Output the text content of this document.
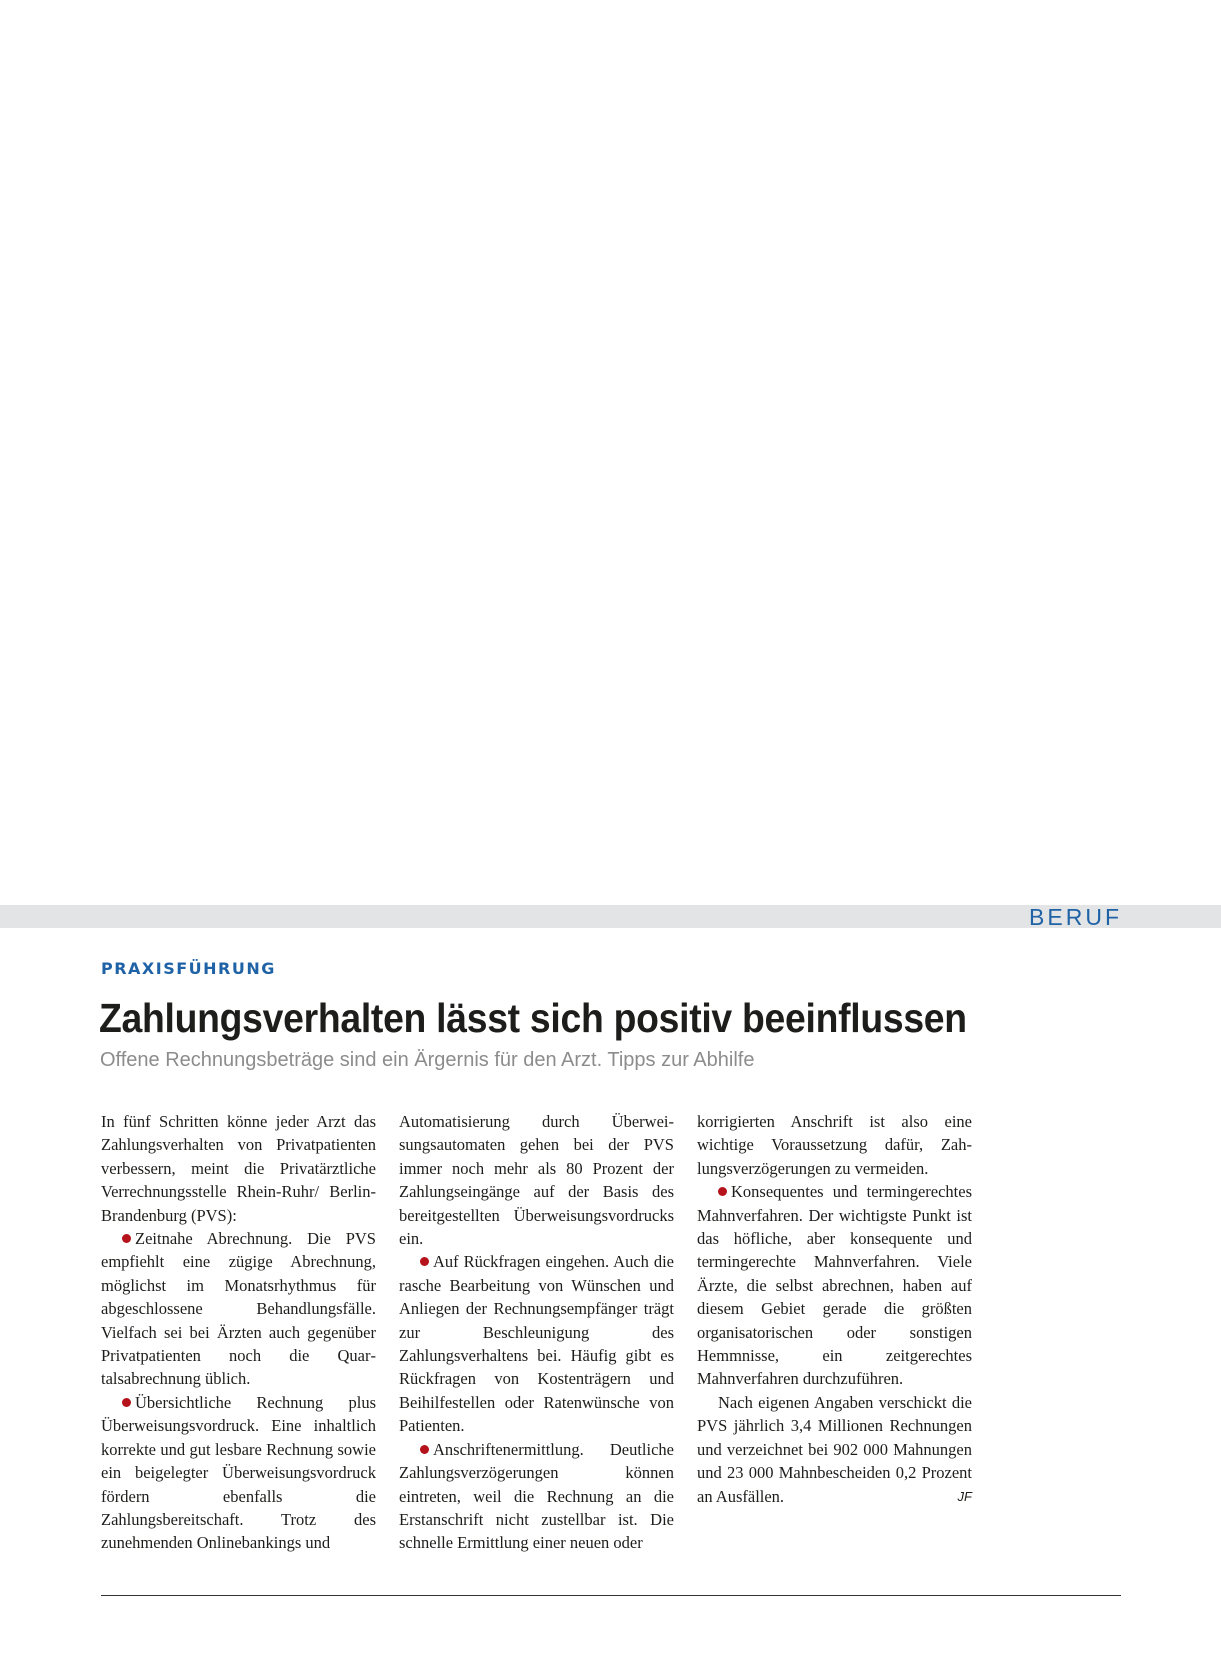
BERUF
PRAXISFÜHRUNG
Zahlungsverhalten lässt sich positiv beeinflussen
Offene Rechnungsbeträge sind ein Ärgernis für den Arzt. Tipps zur Abhilfe

In fünf Schritten könne jeder Arzt das Zahlungsverhalten von Privatpatienten verbessern, meint die Privatärztliche Verrechnungsstelle Rhein-Ruhr/ Berlin-Brandenburg (PVS):

Zeitnahe Abrechnung. Die PVS empfiehlt eine zügige Abrechnung, möglichst im Monatsrhythmus für abgeschlossene Behandlungsfälle. Vielfach sei bei Ärzten auch gegenüber Privatpatienten noch die Quartalsabrechnung üblich.

Übersichtliche Rechnung plus Überweisungsvordruck. Eine inhaltlich korrekte und gut lesbare Rechnung sowie ein beigelegter Überweisungsvordruck fördern ebenfalls die Zahlungsbereitschaft. Trotz des zunehmenden Onlinebankings und

Automatisierung durch Überweisungsautomaten gehen bei der PVS immer noch mehr als 80 Prozent der Zahlungseingänge auf der Basis des bereitgestellten Überweisungsvordrucks ein.

Auf Rückfragen eingehen. Auch die rasche Bearbeitung von Wünschen und Anliegen der Rechnungsempfänger trägt zur Beschleunigung des Zahlungsverhaltens bei. Häufig gibt es Rückfragen von Kostenträgern und Beihilfestellen oder Ratenwünsche von Patienten.

Anschriftenermittlung. Deutliche Zahlungsverzögerungen können eintreten, weil die Rechnung an die Erstanschrift nicht zustellbar ist. Die schnelle Ermittlung einer neuen oder

korrigierten Anschrift ist also eine wichtige Voraussetzung dafür, Zahlungsverzögerungen zu vermeiden.

Konsequentes und termingerechtes Mahnverfahren. Der wichtigste Punkt ist das höfliche, aber konsequente und termingerechte Mahnverfahren. Viele Ärzte, die selbst abrechnen, haben auf diesem Gebiet gerade die größten organisatorischen oder sonstigen Hemmnisse, ein zeitgerechtes Mahnverfahren durchzuführen.

Nach eigenen Angaben verschickt die PVS jährlich 3,4 Millionen Rechnungen und verzeichnet bei 902 000 Mahnungen und 23 000 Mahnbescheiden 0,2 Prozent an Ausfällen.	JF
